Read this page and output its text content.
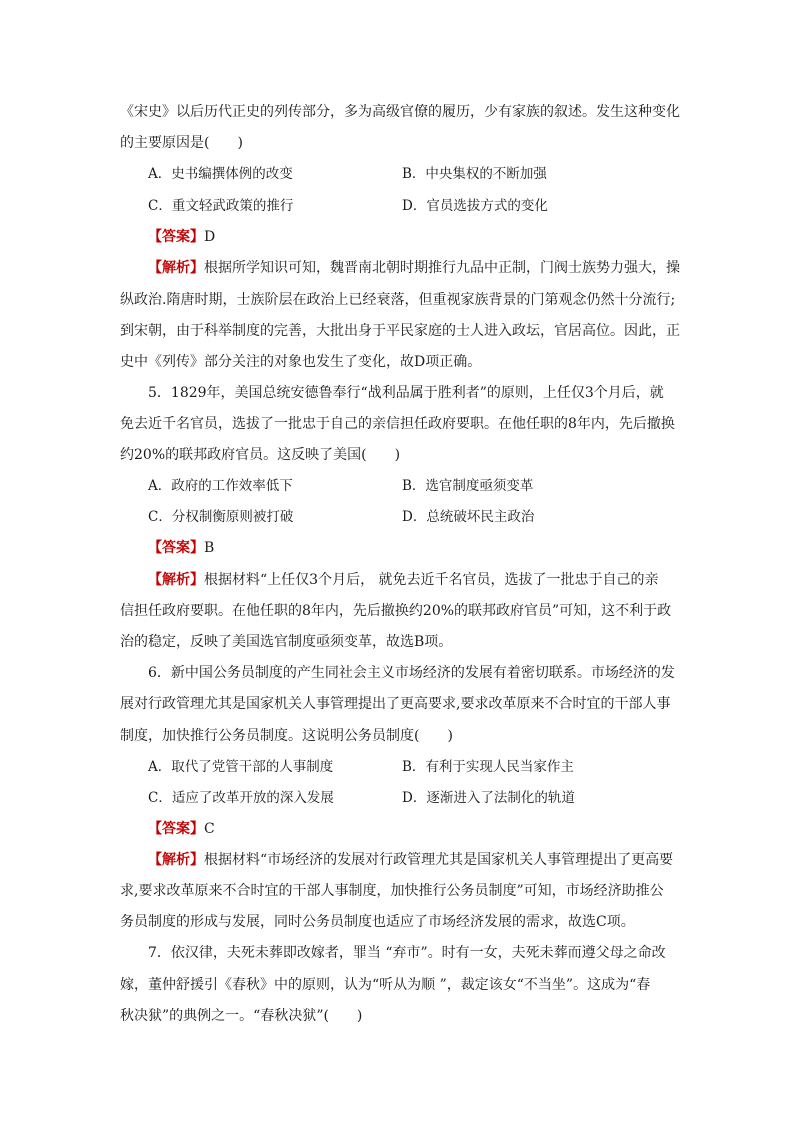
《宋史》以后历代正史的列传部分，多为高级官僚的履历，少有家族的叙述。发生这种变化
的主要原因是(　　)
A．史书编撰体例的改变	B．中央集权的不断加强
C．重文轻武政策的推行	D．官员选拔方式的变化
【答案】D
【解析】根据所学知识可知，魏晋南北朝时期推行九品中正制，门阀士族势力强大，操
纵政治.隋唐时期，士族阶层在政治上已经衰落，但重视家族背景的门第观念仍然十分流行;
到宋朝，由于科举制度的完善，大批出身于平民家庭的士人进入政坛，官居高位。因此，正
史中《列传》部分关注的对象也发生了变化，故D项正确。
5．1829年，美国总统安德鲁奉行“战利品属于胜利者”的原则，上任仅3个月后，就
免去近千名官员，选拔了一批忠于自己的亲信担任政府要职。在他任职的8年内，先后撤换
约20%的联邦政府官员。这反映了美国(　　)
A．政府的工作效率低下	B．选官制度亟须变革
C．分权制衡原则被打破	D．总统破坏民主政治
【答案】B
【解析】根据材料“上任仅3个月后， 就免去近千名官员，选拔了一批忠于自己的亲
信担任政府要职。在他任职的8年内，先后撤换约20%的联邦政府官员”可知，这不利于政
治的稳定，反映了美国选官制度亟须变革，故选B项。
6．新中国公务员制度的产生同社会主义市场经济的发展有着密切联系。市场经济的发
展对行政管理尤其是国家机关人事管理提出了更高要求,要求改革原来不合时宜的干部人事
制度，加快推行公务员制度。这说明公务员制度(　　)
A．取代了党管干部的人事制度	B．有利于实现人民当家作主
C．适应了改革开放的深入发展	D．逐渐进入了法制化的轨道
【答案】C
【解析】根据材料“市场经济的发展对行政管理尤其是国家机关人事管理提出了更高要
求,要求改革原来不合时宜的干部人事制度，加快推行公务员制度”可知，市场经济助推公
务员制度的形成与发展，同时公务员制度也适应了市场经济发展的需求，故选C项。
7．依汉律，夫死未葬即改嫁者，罪当 “弃市”。时有一女，夫死未葬而遵父母之命改
嫁，董仲舒援引《春秋》中的原则，认为“听从为顺 ”，裁定该女“不当坐”。这成为“春
秋决狱”的典例之一。“春秋决狱”(　　)
